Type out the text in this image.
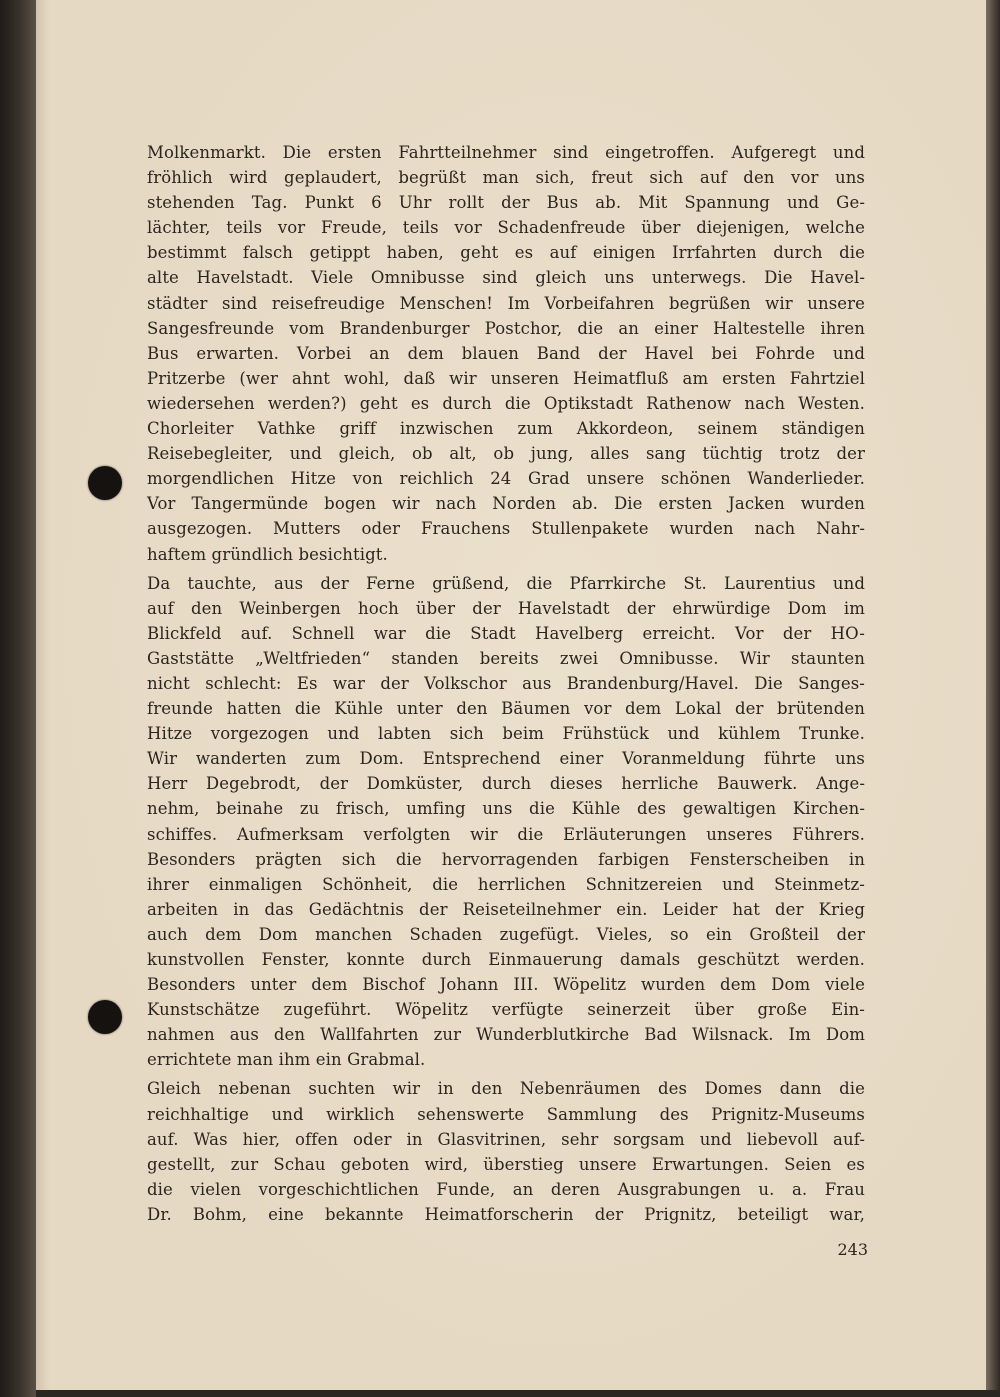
Molkenmarkt. Die ersten Fahrtteilnehmer sind eingetroffen. Aufgeregt und
fröhlich wird geplaudert, begrüßt man sich, freut sich auf den vor uns
stehenden Tag. Punkt 6 Uhr rollt der Bus ab. Mit Spannung und Ge-
lächter, teils vor Freude, teils vor Schadenfreude über diejenigen, welche
bestimmt falsch getippt haben, geht es auf einigen Irrfahrten durch die
alte Havelstadt. Viele Omnibusse sind gleich uns unterwegs. Die Havel-
städter sind reisefreudige Menschen! Im Vorbeifahren begrüßen wir unsere
Sangesfreunde vom Brandenburger Postchor, die an einer Haltestelle ihren
Bus erwarten. Vorbei an dem blauen Band der Havel bei Fohrde und
Pritzerbe (wer ahnt wohl, daß wir unseren Heimatfluß am ersten Fahrtziel
wiedersehen werden?) geht es durch die Optikstadt Rathenow nach Westen.
Chorleiter Vathke griff inzwischen zum Akkordeon, seinem ständigen
Reisebegleiter, und gleich, ob alt, ob jung, alles sang tüchtig trotz der
morgendlichen Hitze von reichlich 24 Grad unsere schönen Wanderlieder.
Vor Tangermünde bogen wir nach Norden ab. Die ersten Jacken wurden
ausgezogen. Mutters oder Frauchens Stullenpakete wurden nach Nahr-
haftem gründlich besichtigt.
Da tauchte, aus der Ferne grüßend, die Pfarrkirche St. Laurentius und
auf den Weinbergen hoch über der Havelstadt der ehrwürdige Dom im
Blickfeld auf. Schnell war die Stadt Havelberg erreicht. Vor der HO-
Gaststätte „Weltfrieden“ standen bereits zwei Omnibusse. Wir staunten
nicht schlecht: Es war der Volkschor aus Brandenburg/Havel. Die Sanges-
freunde hatten die Kühle unter den Bäumen vor dem Lokal der brütenden
Hitze vorgezogen und labten sich beim Frühstück und kühlem Trunke.
Wir wanderten zum Dom. Entsprechend einer Voranmeldung führte uns
Herr Degebrodt, der Domküster, durch dieses herrliche Bauwerk. Ange-
nehm, beinahe zu frisch, umfing uns die Kühle des gewaltigen Kirchen-
schiffes. Aufmerksam verfolgten wir die Erläuterungen unseres Führers.
Besonders prägten sich die hervorragenden farbigen Fensterscheiben in
ihrer einmaligen Schönheit, die herrlichen Schnitzereien und Steinmetz-
arbeiten in das Gedächtnis der Reiseteilnehmer ein. Leider hat der Krieg
auch dem Dom manchen Schaden zugefügt. Vieles, so ein Großteil der
kunstvollen Fenster, konnte durch Einmauerung damals geschützt werden.
Besonders unter dem Bischof Johann III. Wöpelitz wurden dem Dom viele
Kunstschätze zugeführt. Wöpelitz verfügte seinerzeit über große Ein-
nahmen aus den Wallfahrten zur Wunderblutkirche Bad Wilsnack. Im Dom
errichtete man ihm ein Grabmal.
Gleich nebenan suchten wir in den Nebenräumen des Domes dann die
reichhaltige und wirklich sehenswerte Sammlung des Prignitz-Museums
auf. Was hier, offen oder in Glasvitrinen, sehr sorgsam und liebevoll auf-
gestellt, zur Schau geboten wird, überstieg unsere Erwartungen. Seien es
die vielen vorgeschichtlichen Funde, an deren Ausgrabungen u. a. Frau
Dr. Bohm, eine bekannte Heimatforscherin der Prignitz, beteiligt war,
243
